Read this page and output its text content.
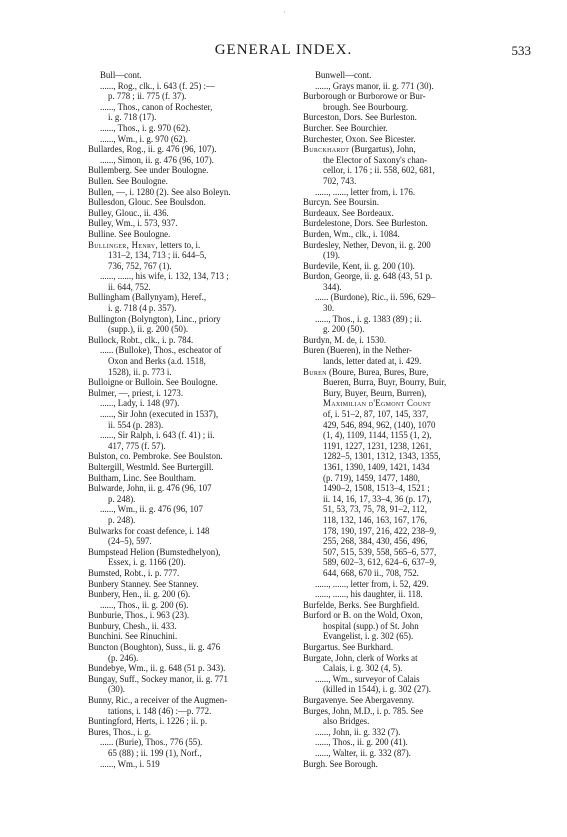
GENERAL INDEX.	533
·
Bull—cont.
......, Rog., clk., i. 643 (f. 25) :—
p. 778 ; ii. 775 (f. 37).
......, Thos., canon of Rochester,
i. g. 718 (17).
......, Thos., i. g. 970 (62).
......, Wm., i. g. 970 (62).
Bullardes, Rog., ii. g. 476 (96, 107).
......, Simon, ii. g. 476 (96, 107).
Bullemberg. See under Boulogne.
Bullen. See Boulogne.
Bullen, —, i. 1280 (2). See also Boleyn.
Bullesdon, Glouc. See Boulsdon.
Bulley, Glouc., ii. 436.
Bulley, Wm., i. 573, 937.
Bulline. See Boulogne.
Bullinger, Henry, letters to, i.
131–2, 134, 713 ; ii. 644–5,
736, 752, 767 (1).
......, ......, his wife, i. 132, 134, 713 ;
ii. 644, 752.
Bullingham (Ballynyam), Heref.,
i. g. 718 (4 p. 357).
Bullington (Bolyngton), Linc., priory
(supp.), ii. g. 200 (50).
Bullock, Robt., clk., i. p. 784.
...... (Bulloke), Thos., escheator of
Oxon and Berks (a.d. 1518,
1528), ii. p. 773 i.
Bulloigne or Bulloin. See Boulogne.
Bulmer, —, priest, i. 1273.
......, Lady, i. 148 (97).
......, Sir John (executed in 1537),
ii. 554 (p. 283).
......, Sir Ralph, i. 643 (f. 41) ; ii.
417, 775 (f. 57).
Bulston, co. Pembroke. See Boulston.
Bultergill, Westmld. See Burtergill.
Bultham, Linc. See Boultham.
Bulwarde, John, ii. g. 476 (96, 107
p. 248).
......, Wm., ii. g. 476 (96, 107
p. 248).
Bulwarks for coast defence, i. 148
(24–5), 597.
Bumpstead Helion (Bumstedhelyon),
Essex, i. g. 1166 (20).
Bumsted, Robt., i. p. 777.
Bunbery Stanney. See Stanney.
Bunbery, Hen., ii. g. 200 (6).
......, Thos., ii. g. 200 (6).
Bunburie, Thos., i. 963 (23).
Bunbury, Chesh., ii. 433.
Bunchini. See Rinuchini.
Buncton (Boughton), Suss., ii. g. 476
(p. 246).
Bundebye, Wm., ii. g. 648 (51 p. 343).
Bungay, Suff., Sockey manor, ii. g. 771
(30).
Bunny, Ric., a receiver of the Augmen-
tations, i. 148 (46) :—p. 772.
Buntingford, Herts, i. 1226 ; ii. p.
Bures, Thos., i. g.
...... (Burie), Thos., 776 (55).
65 (88) ; ii. 199 (1), Norf.,
......, Wm., i. 519
Bunwell—cont.
......, Grays manor, ii. g. 771 (30).
Burborough or Burborowe or Bur-
brough. See Bourbourg.
Burceston, Dors. See Burleston.
Burcher. See Bourchier.
Burchester, Oxon. See Bicester.
Burckhardt (Burgartus), John,
the Elector of Saxony's chan-
cellor, i. 176 ; ii. 558, 602, 681,
702, 743.
......, ......, letter from, i. 176.
Burcyn. See Boursin.
Burdeaux. See Bordeaux.
Burdelestone, Dors. See Burleston.
Burden, Wm., clk., i. 1084.
Burdesley, Nether, Devon, ii. g. 200
(19).
Burdevile, Kent, ii. g. 200 (10).
Burdon, George, ii. g. 648 (43, 51 p.
344).
...... (Burdone), Ric., ii. 596, 629–
30.
......, Thos., i. g. 1383 (89) ; ii.
g. 200 (50).
Burdyn, M. de, i. 1530.
Buren (Bueren), in the Nether-
lands, letter dated at, i. 429.
Buren (Boure, Burea, Bures, Bure,
Bueren, Burra, Buyr, Bourry, Buir,
Bury, Buyer, Beurn, Burren),
Maximilian d'Egmont Count
of, i. 51–2, 87, 107, 145, 337,
429, 546, 894, 962, (140), 1070
(1, 4), 1109, 1144, 1155 (1, 2),
1191, 1227, 1231, 1238, 1261,
1282–5, 1301, 1312, 1343, 1355,
1361, 1390, 1409, 1421, 1434
(p. 719), 1459, 1477, 1480,
1490–2, 1508, 1513–4, 1521 ;
ii. 14, 16, 17, 33–4, 36 (p. 17),
51, 53, 73, 75, 78, 91–2, 112,
118, 132, 146, 163, 167, 176,
178, 190, 197, 216, 422, 238–9,
255, 268, 384, 430, 456, 496,
507, 515, 539, 558, 565–6, 577,
589, 602–3, 612, 624–6, 637–9,
644, 668, 670 ii., 708, 752.
......, ......, letter from, i. 52, 429.
......, ......, his daughter, ii. 118.
Burfelde, Berks. See Burghfield.
Burford or B. on the Wold, Oxon,
hospital (supp.) of St. John
Evangelist, i. g. 302 (65).
Burgartus. See Burkhard.
Burgate, John, clerk of Works at
Calais, i. g. 302 (4, 5).
......, Wm., surveyor of Calais
(killed in 1544), i. g. 302 (27).
Burgavenye. See Abergavenny.
Burges, John, M.D., i. p. 785. See
also Bridges.
......, John, ii. g. 332 (7).
......, Thos., ii. g. 200 (41).
......, Walter, ii. g. 332 (87).
Burgh. See Borough.
